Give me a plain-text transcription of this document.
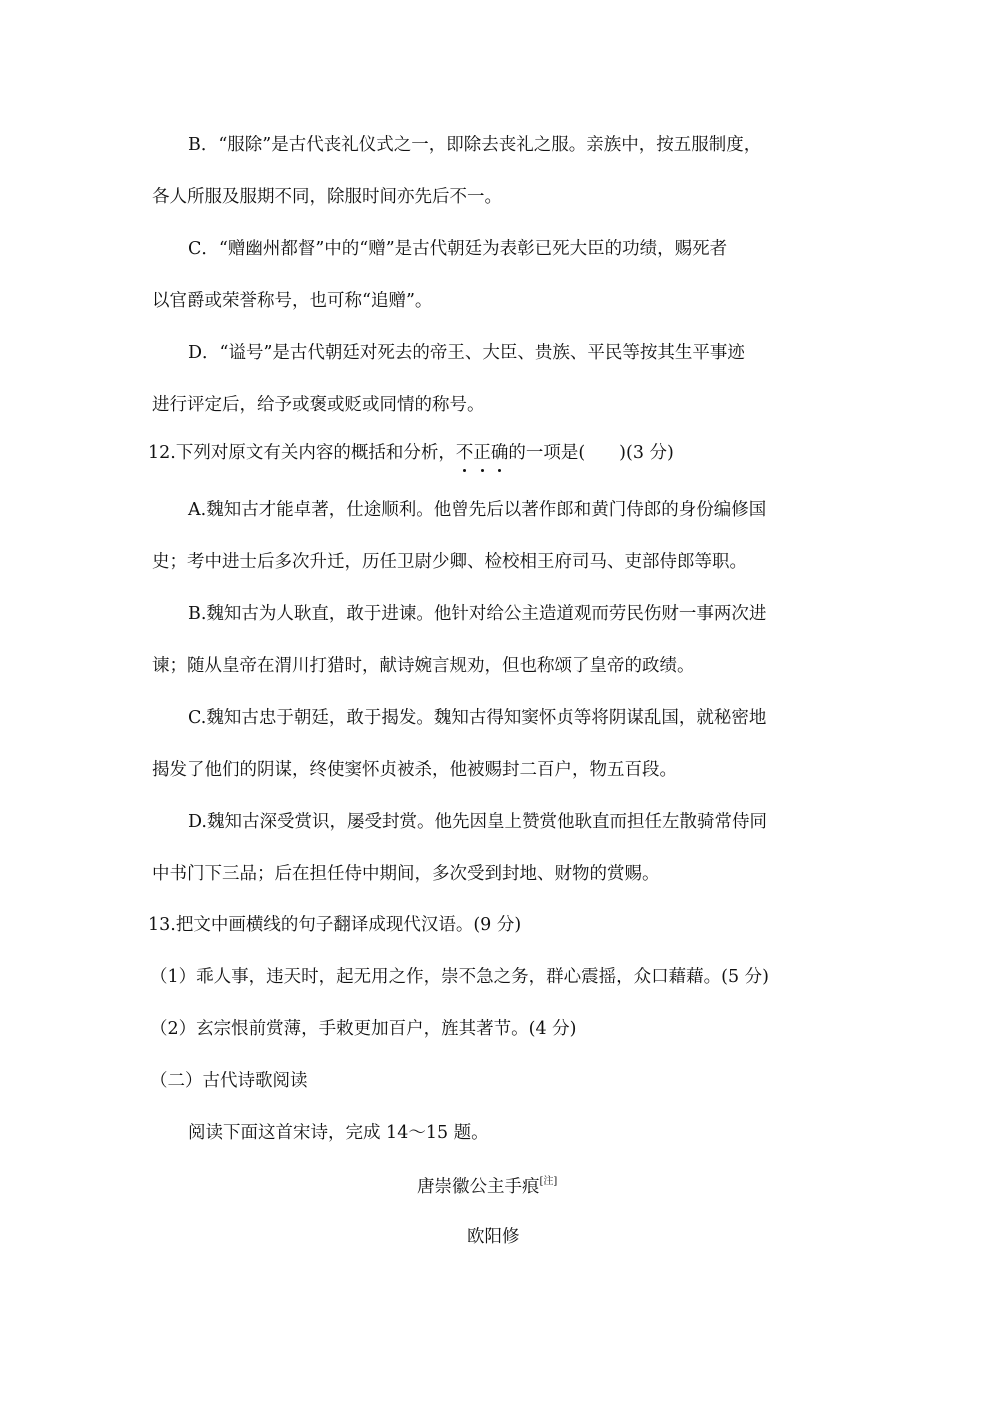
B．“服除”是古代丧礼仪式之一，即除去丧礼之服。亲族中，按五服制度，
各人所服及服期不同，除服时间亦先后不一。
C．“赠幽州都督”中的“赠”是古代朝廷为表彰已死大臣的功绩，赐死者
以官爵或荣誉称号，也可称“追赠”。
D．“谥号”是古代朝廷对死去的帝王、大臣、贵族、平民等按其生平事迹
进行评定后，给予或褒或贬或同情的称号。
12.下列对原文有关内容的概括和分析，不正确的一项是( )(3 分)
A.魏知古才能卓著，仕途顺利。他曾先后以著作郎和黄门侍郎的身份编修国
史；考中进士后多次升迁，历任卫尉少卿、检校相王府司马、吏部侍郎等职。
B.魏知古为人耿直，敢于进谏。他针对给公主造道观而劳民伤财一事两次进
谏；随从皇帝在渭川打猎时，献诗婉言规劝，但也称颂了皇帝的政绩。
C.魏知古忠于朝廷，敢于揭发。魏知古得知窦怀贞等将阴谋乱国，就秘密地
揭发了他们的阴谋，终使窦怀贞被杀，他被赐封二百户，物五百段。
D.魏知古深受赏识，屡受封赏。他先因皇上赞赏他耿直而担任左散骑常侍同
中书门下三品；后在担任侍中期间，多次受到封地、财物的赏赐。
13.把文中画横线的句子翻译成现代汉语。(9 分)
（1）乖人事，违天时，起无用之作，崇不急之务，群心震摇，众口藉藉。(5 分)
（2）玄宗恨前赏薄，手敕更加百户，旌其著节。(4 分)
（二）古代诗歌阅读
阅读下面这首宋诗，完成 14～15 题。
唐崇徽公主手痕[注]
欧阳修
